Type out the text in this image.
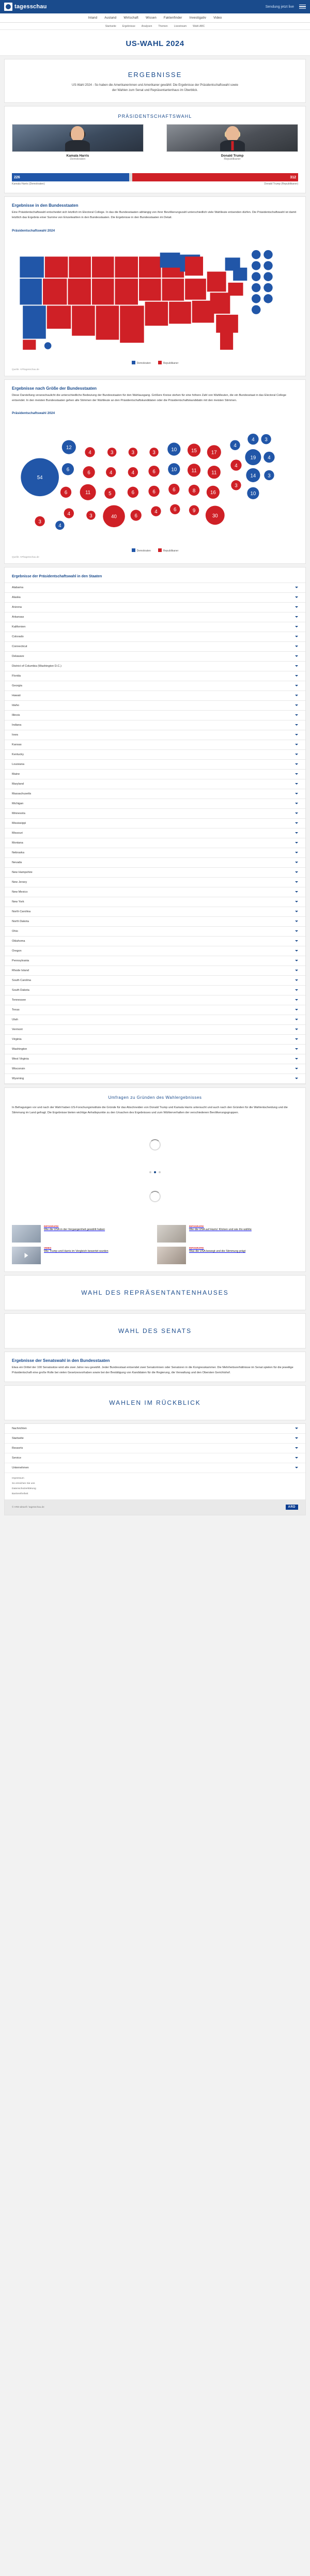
tagesschau	Sendung jetzt live
Inland Ausland Wirtschaft Wissen Faktenfinder Investigativ Video
Startseite Ergebnisse Analysen Themen Livestream Wahl-ABC
US-WAHL 2024
ERGEBNISSE

US-Wahl 2024 - So haben die Amerikanerinnen und Amerikaner gewählt: Die Ergebnisse der Präsidentschaftswahl sowie der Wahlen zum Senat und Repräsentantenhaus im Überblick.

PRÄSIDENTSCHAFTSWAHL
Kamala Harris
Demokraten
Donald Trump
Republikaner
226	312
Kamala Harris (Demokraten)	Donald Trump (Republikaner)
Ergebnisse in den Bundesstaaten
Eine Präsidentschaftswahl entscheidet sich letztlich im Electoral College. In das die Bundesstaaten abhängig von ihrer Bevölkerungszahl unterschiedlich viele Wahlleute entsenden dürfen. Die Präsidentschaftswahl ist damit letztlich das Ergebnis einer Summe von Einzelwahlen in den Bundesstaaten. Die Ergebnisse in den Bundesstaaten im Detail.
Präsidentschaftswahl 2024
Demokraten	Republikaner
Quelle: AP/tagesschau.de
Ergebnisse nach Größe der Bundesstaaten
Diese Darstellung veranschaulicht die unterschiedliche Bedeutung der Bundesstaaten für den Wahlausgang. Größere Kreise stehen für eine höhere Zahl von Wahlleuten, die ein Bundesstaat in das Electoral College entsendet. In den meisten Bundesstaaten gehen alle Stimmen der Wahlleute an den Präsidentschaftskandidaten oder die Präsidentschaftskandidatin mit den meisten Stimmen.
Präsidentschaftswahl 2024
54
12
6
6
4
4
6
11
3
3
4
5
40
3
4
6
6
3
6
6
4
10
10
6
6
15
11
8
9
17
11
16
30
4
4
3
4 3
19 4
14 3
10
3
4
Demokraten	Republikaner
Quelle: AP/tagesschau.de
Ergebnisse der Präsidentschaftswahl in den Staaten
Alabama
Alaska
Arizona
Arkansas
Kalifornien
Colorado
Connecticut
Delaware
District of Columbia (Washington D.C.)
Florida
Georgia
Hawaii
Idaho
Illinois
Indiana
Iowa
Kansas
Kentucky
Louisiana
Maine
Maryland
Massachusetts
Michigan
Minnesota
Mississippi
Missouri
Montana
Nebraska
Nevada
New Hampshire
New Jersey
New Mexico
New York
North Carolina
North Dakota
Ohio
Oklahoma
Oregon
Pennsylvania
Rhode Island
South Carolina
South Dakota
Tennessee
Texas
Utah
Vermont
Virginia
Washington
West Virginia
Wisconsin
Wyoming
Umfragen zu Gründen des Wahlergebnisses
In Befragungen vor und nach der Wahl haben US-Forschungsinstitute die Gründe für das Abschneiden von Donald Trump und Kamala Harris untersucht und auch nach den Gründen für die Wahlentscheidung und die Stimmung im Land gefragt. Die Ergebnisse bieten wichtige Anhaltspunkte zu den Ursachen des Ergebnisses und zum Wählerverhalten der verschiedenen Bevölkerungsgruppen.
INFOGRAFIK
Wie die USA in der Vergangenheit gewählt haben
INFOGRAFIK
Wie die USA auf Harris' Klicken und wie ihn wählte
VIDEO
Wie Trump und Harris im Vergleich bewertet wurden
INFOGRAFIK
Was die USA bewegt und die Stimmung prägt
WAHL DES REPRÄSENTANTENHAUSES
WAHL DES SENATS
Ergebnisse der Senatswahl in den Bundesstaaten
Etwa ein Drittel der 100 Senatssitze wird alle zwei Jahre neu gewählt. Jeder Bundesstaat entsendet zwei Senatorinnen oder Senatoren in die Kongresskammer. Die Mehrheitsverhältnisse im Senat spielen für die jeweilige Präsidentschaft eine große Rolle bei vielen Gesetzesvorhaben sowie bei der Bestätigung von Kandidaten für die Regierung, die Verwaltung und den Obersten Gerichtshof.
WAHLEN IM RÜCKBLICK
Nachrichten
Startseite
Ressorts
Service
Unternehmen
Impressum
So erreichen Sie uns
Datenschutzerklärung
Barrierefreiheit
© ARD-aktuell / tagesschau.de	ARD
